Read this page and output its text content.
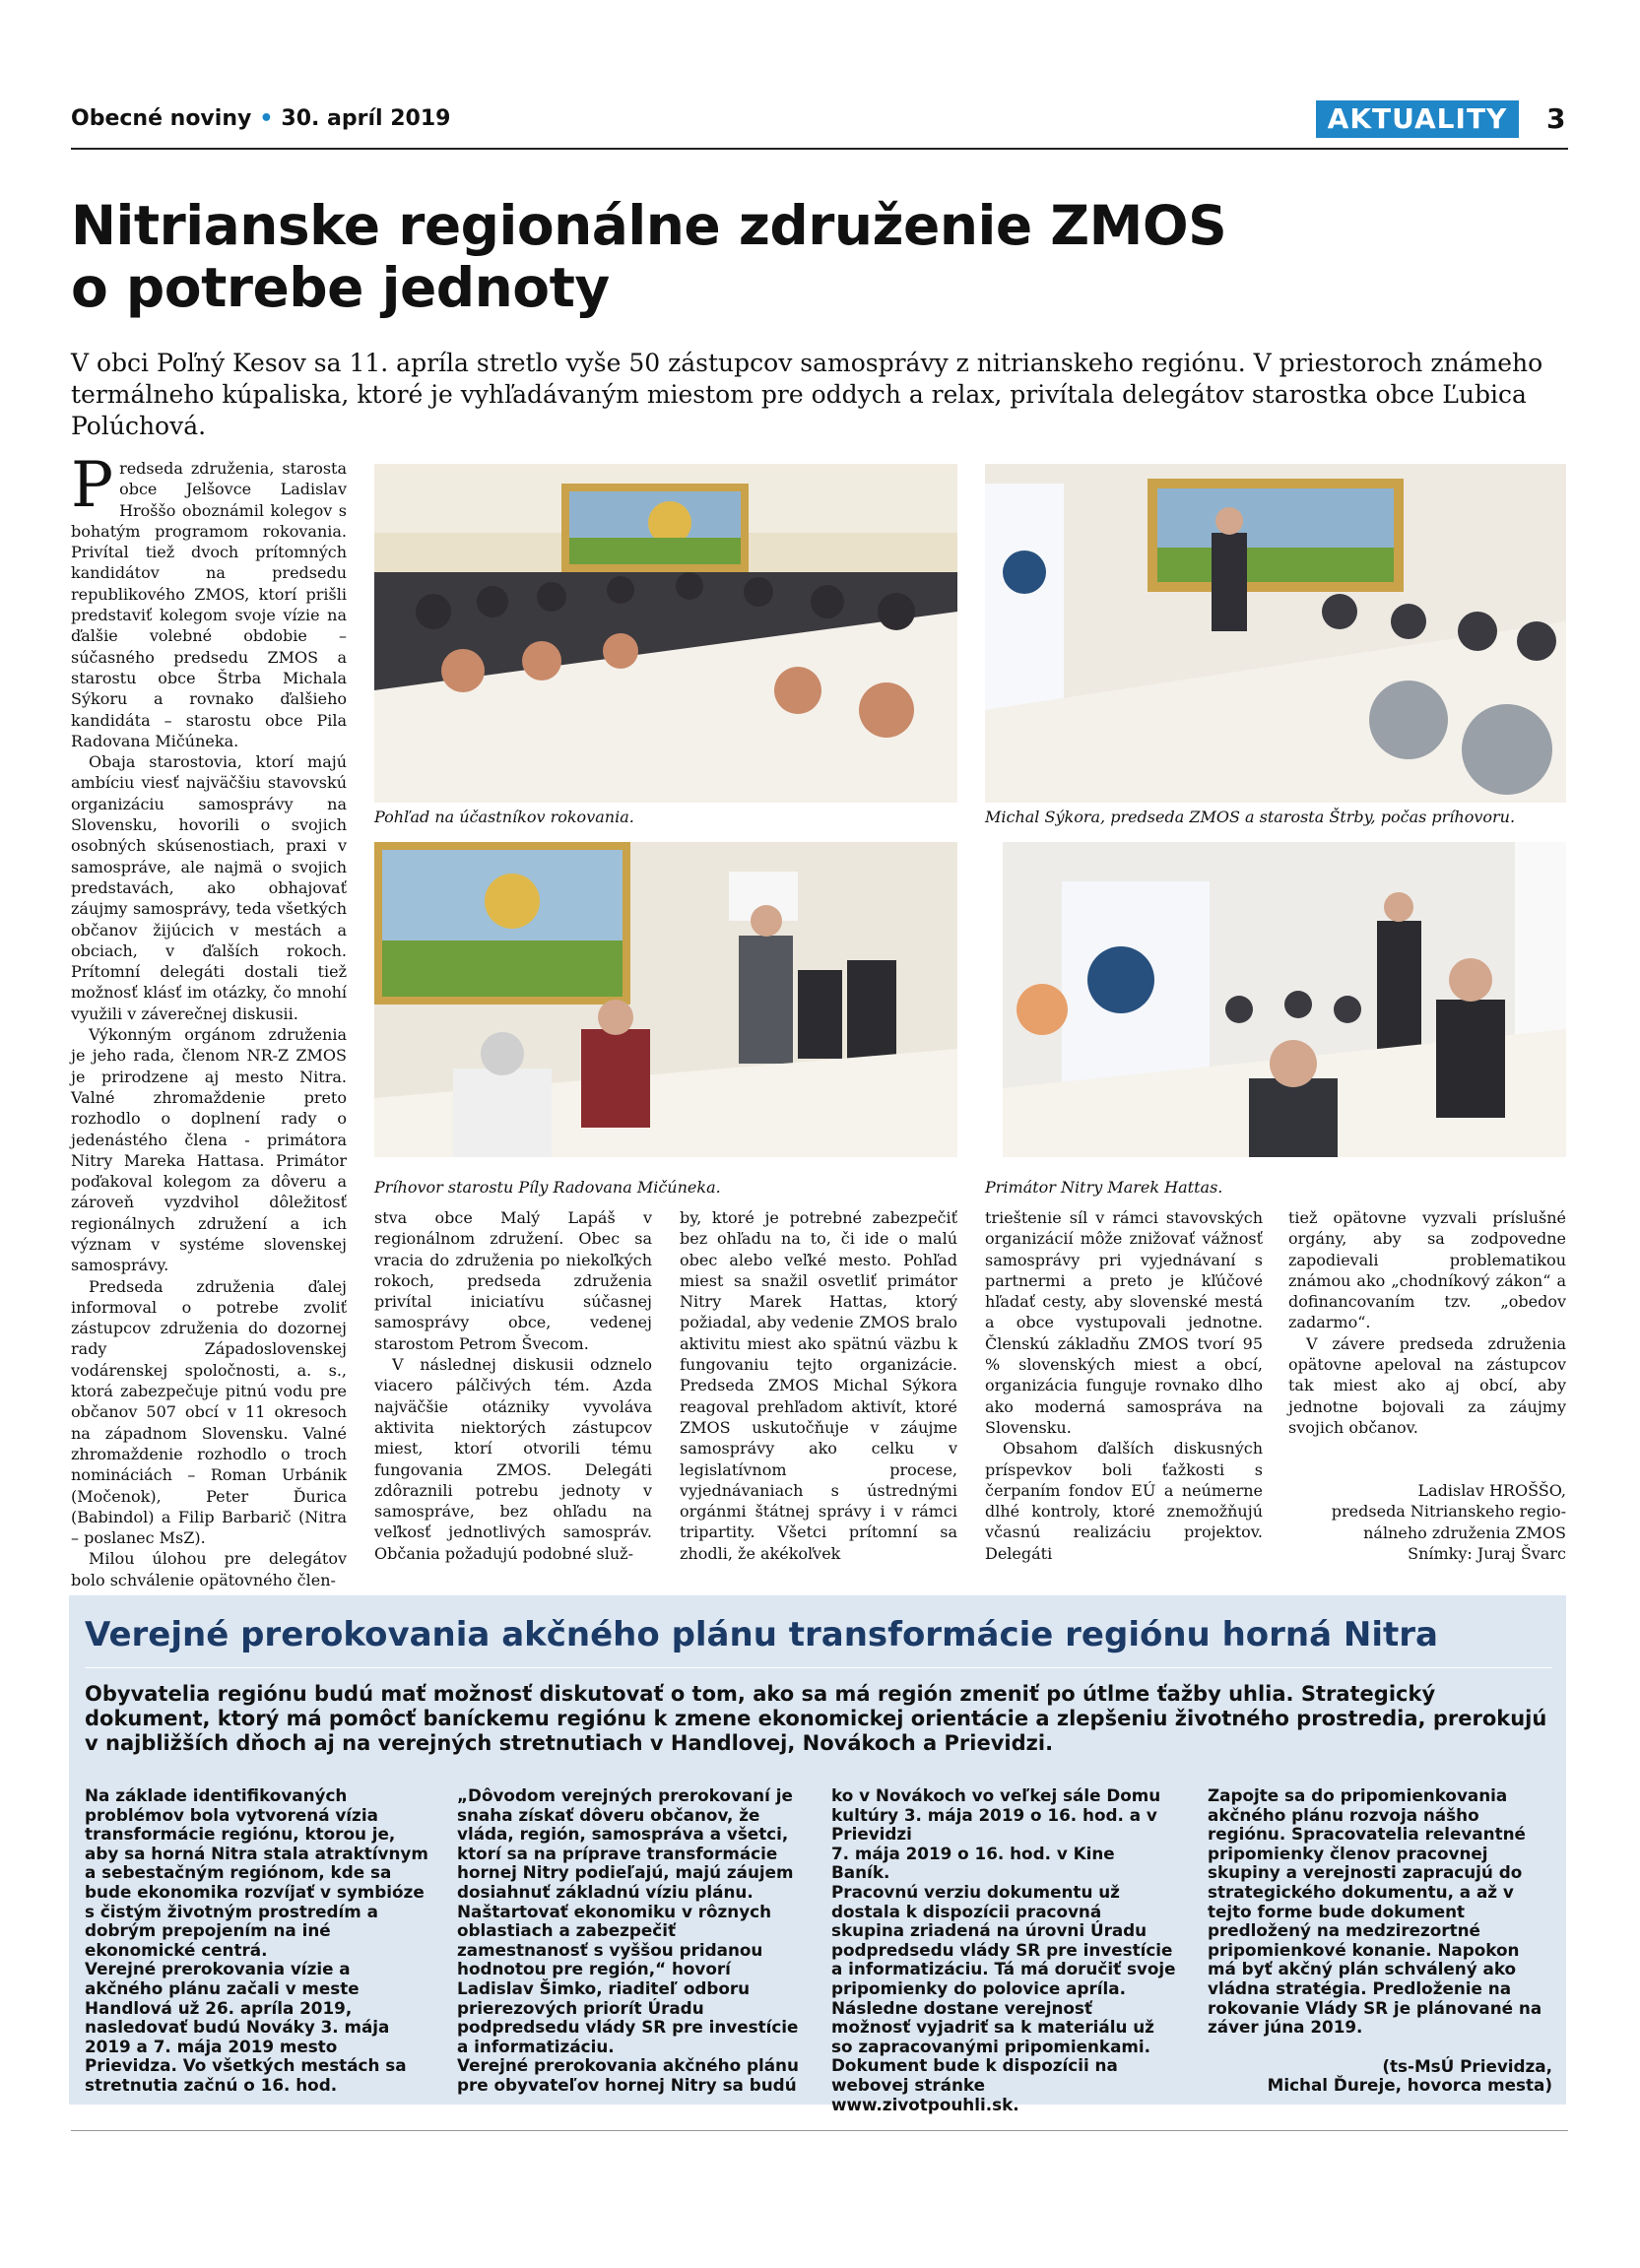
Obecné noviny • 30. apríl 2019	AKTUALITY	3
Nitrianske regionálne združenie ZMOS
o potrebe jednoty
V obci Poľný Kesov sa 11. apríla stretlo vyše 50 zástupcov samosprávy z nitrianskeho regiónu. V priestoroch známeho termálneho kúpaliska, ktoré je vyhľadávaným miestom pre oddych a relax, privítala delegátov starostka obce Ľubica Polúchová.

Predseda združenia, starosta obce Jelšovce Ladislav Hroššo oboznámil kolegov s bohatým programom rokovania. Privítal tiež dvoch prítomných kandidátov na predsedu republikového ZMOS, ktorí prišli predstaviť kolegom svoje vízie na ďalšie volebné obdobie – súčasného predsedu ZMOS a starostu obce Štrba Michala Sýkoru a rovnako ďalšieho kandidáta – starostu obce Pila Radovana Mičúneka.

Obaja starostovia, ktorí majú ambíciu viesť najväčšiu stavovskú organizáciu samosprávy na Slovensku, hovorili o svojich osobných skúsenostiach, praxi v samospráve, ale najmä o svojich predstavách, ako obhajovať záujmy samosprávy, teda všetkých občanov žijúcich v mestách a obciach, v ďalších rokoch. Prítomní delegáti dostali tiež možnosť klásť im otázky, čo mnohí využili v záverečnej diskusii.

Výkonným orgánom združenia je jeho rada, členom NR-Z ZMOS je prirodzene aj mesto Nitra. Valné zhromaždenie preto rozhodlo o doplnení rady o jedenástého člena - primátora Nitry Mareka Hattasa. Primátor poďakoval kolegom za dôveru a zároveň vyzdvihol dôležitosť regionálnych združení a ich význam v systéme slovenskej samosprávy.

Predseda združenia ďalej informoval o potrebe zvoliť zástupcov združenia do dozornej rady Západoslovenskej vodárenskej spoločnosti, a. s., ktorá zabezpečuje pitnú vodu pre občanov 507 obcí v 11 okresoch na západnom Slovensku. Valné zhromaždenie rozhodlo o troch nomináciách – Roman Urbánik (Močenok), Peter Ďurica (Babindol) a Filip Barbarič (Nitra – poslanec MsZ).

Milou úlohou pre delegátov bolo schválenie opätovného člen-

Pohľad na účastníkov rokovania.	Michal Sýkora, predseda ZMOS a starosta Štrby, počas príhovoru.
Príhovor starostu Píly Radovana Mičúneka.	Primátor Nitry Marek Hattas.

stva obce Malý Lapáš v regionálnom združení. Obec sa vracia do združenia po niekoľkých rokoch, predseda združenia privítal iniciatívu súčasnej samosprávy obce, vedenej starostom Petrom Švecom.

V následnej diskusii odznelo viacero pálčivých tém. Azda najväčšie otázniky vyvoláva aktivita niektorých zástupcov miest, ktorí otvorili tému fungovania ZMOS. Delegáti zdôraznili potrebu jednoty v samospráve, bez ohľadu na veľkosť jednotlivých samospráv. Občania požadujú podobné služ-

by, ktoré je potrebné zabezpečiť bez ohľadu na to, či ide o malú obec alebo veľké mesto. Pohľad miest sa snažil osvetliť primátor Nitry Marek Hattas, ktorý požiadal, aby vedenie ZMOS bralo aktivitu miest ako spätnú väzbu k fungovaniu tejto organizácie. Predseda ZMOS Michal Sýkora reagoval prehľadom aktivít, ktoré ZMOS uskutočňuje v záujme samosprávy ako celku v legislatívnom procese, vyjednávaniach s ústrednými orgánmi štátnej správy i v rámci tripartity. Všetci prítomní sa zhodli, že akékoľvek

trieštenie síl v rámci stavovských organizácií môže znižovať vážnosť samosprávy pri vyjednávaní s partnermi a preto je kľúčové hľadať cesty, aby slovenské mestá a obce vystupovali jednotne. Členskú základňu ZMOS tvorí 95 % slovenských miest a obcí, organizácia funguje rovnako dlho ako moderná samospráva na Slovensku.

Obsahom ďalších diskusných príspevkov boli ťažkosti s čerpaním fondov EÚ a neúmerne dlhé kontroly, ktoré znemožňujú včasnú realizáciu projektov. Delegáti

tiež opätovne vyzvali príslušné orgány, aby sa zodpovedne zapodievali problematikou známou ako „chodníkový zákon“ a dofinancovaním tzv. „obedov zadarmo“.

V závere predseda združenia opätovne apeloval na zástupcov tak miest ako aj obcí, aby jednotne bojovali za záujmy svojich občanov.

Ladislav HROŠŠO,
predseda Nitrianskeho regio-
nálneho združenia ZMOS
Snímky: Juraj Švarc
Verejné prerokovania akčného plánu transformácie regiónu horná Nitra
Obyvatelia regiónu budú mať možnosť diskutovať o tom, ako sa má región zmeniť po útlme ťažby uhlia. Strategický dokument, ktorý má pomôcť baníckemu regiónu k zmene ekonomickej orientácie a zlepšeniu životného prostredia, prerokujú v najbližších dňoch aj na verejných stretnutiach v Handlovej, Novákoch a Prievidzi.

Na základe identifikovaných problémov bola vytvorená vízia transformácie regiónu, ktorou je, aby sa horná Nitra stala atraktívnym a sebestačným regiónom, kde sa bude ekonomika rozvíjať v symbióze s čistým životným prostredím a dobrým prepojením na iné ekonomické centrá.

Verejné prerokovania vízie a akčného plánu začali v meste Handlová už 26. apríla 2019, nasledovať budú Nováky 3. mája 2019 a 7. mája 2019 mesto Prievidza. Vo všetkých mestách sa stretnutia začnú o 16. hod.

„Dôvodom verejných prerokovaní je snaha získať dôveru občanov, že vláda, región, samospráva a všetci, ktorí sa na príprave transformácie hornej Nitry podieľajú, majú záujem dosiahnuť základnú víziu plánu. Naštartovať ekonomiku v rôznych oblastiach a zabezpečiť zamestnanosť s vyššou pridanou hodnotou pre región,“ hovorí Ladislav Šimko, riaditeľ odboru prierezových priorít Úradu podpredsedu vlády SR pre investície a informatizáciu.

Verejné prerokovania akčného plánu pre obyvateľov hornej Nitry sa budú

ko v Novákoch vo veľkej sále Domu kultúry 3. mája 2019 o 16. hod. a v Prievidzi

7. mája 2019 o 16. hod. v Kine Baník.

Pracovnú verziu dokumentu už dostala k dispozícii pracovná skupina zriadená na úrovni Úradu podpredsedu vlády SR pre investície a informatizáciu. Tá má doručiť svoje pripomienky do polovice apríla. Následne dostane verejnosť možnosť vyjadriť sa k materiálu už so zapracovanými pripomienkami. Dokument bude k dispozícii na webovej stránke www.zivotpouhli.sk.

Zapojte sa do pripomienkovania akčného plánu rozvoja nášho regiónu. Spracovatelia relevantné pripomienky členov pracovnej skupiny a verejnosti zapracujú do strategického dokumentu, a až v tejto forme bude dokument predložený na medzirezortné pripomienkové konanie. Napokon má byť akčný plán schválený ako vládna stratégia. Predloženie na rokovanie Vlády SR je plánované na záver júna 2019.

(ts-MsÚ Prievidza,

Michal Ďureje, hovorca mesta)
